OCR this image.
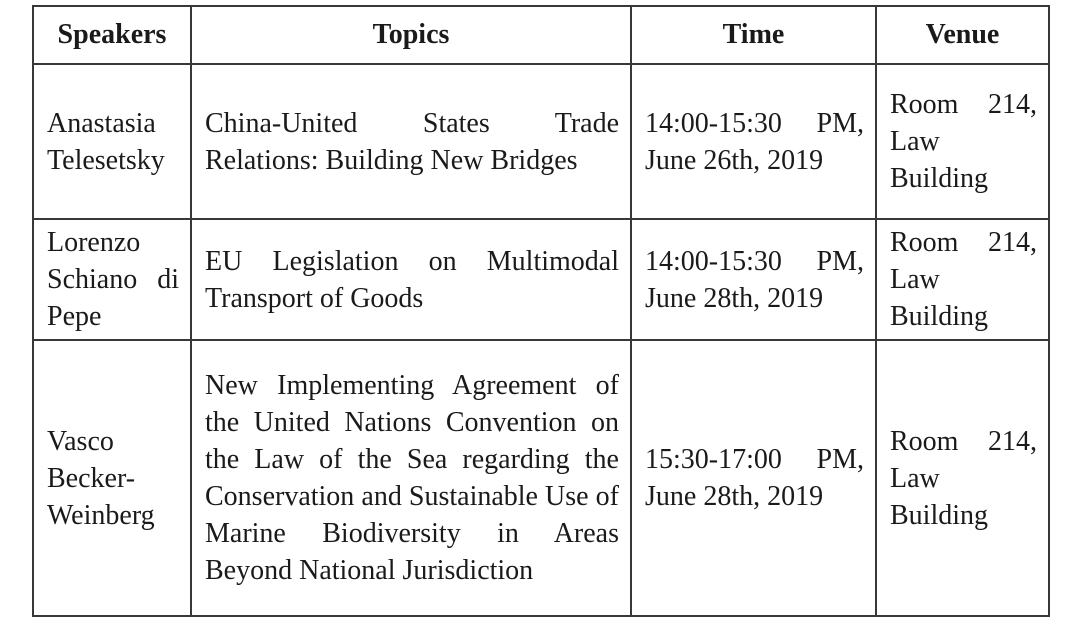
Speakers	Topics	Time	Venue
Anastasia Telesetsky	China-United States Trade Relations: Building New Bridges	14:00-15:30 PM, June 26th, 2019	Room 214, Law Building
Lorenzo Schiano di Pepe	EU Legislation on Multimodal Transport of Goods	14:00-15:30 PM, June 28th, 2019	Room 214, Law Building
Vasco Becker-Weinberg	New Implementing Agreement of the United Nations Convention on the Law of the Sea regarding the Conservation and Sustainable Use of Marine Biodiversity in Areas Beyond National Jurisdiction	15:30-17:00 PM, June 28th, 2019	Room 214, Law Building
